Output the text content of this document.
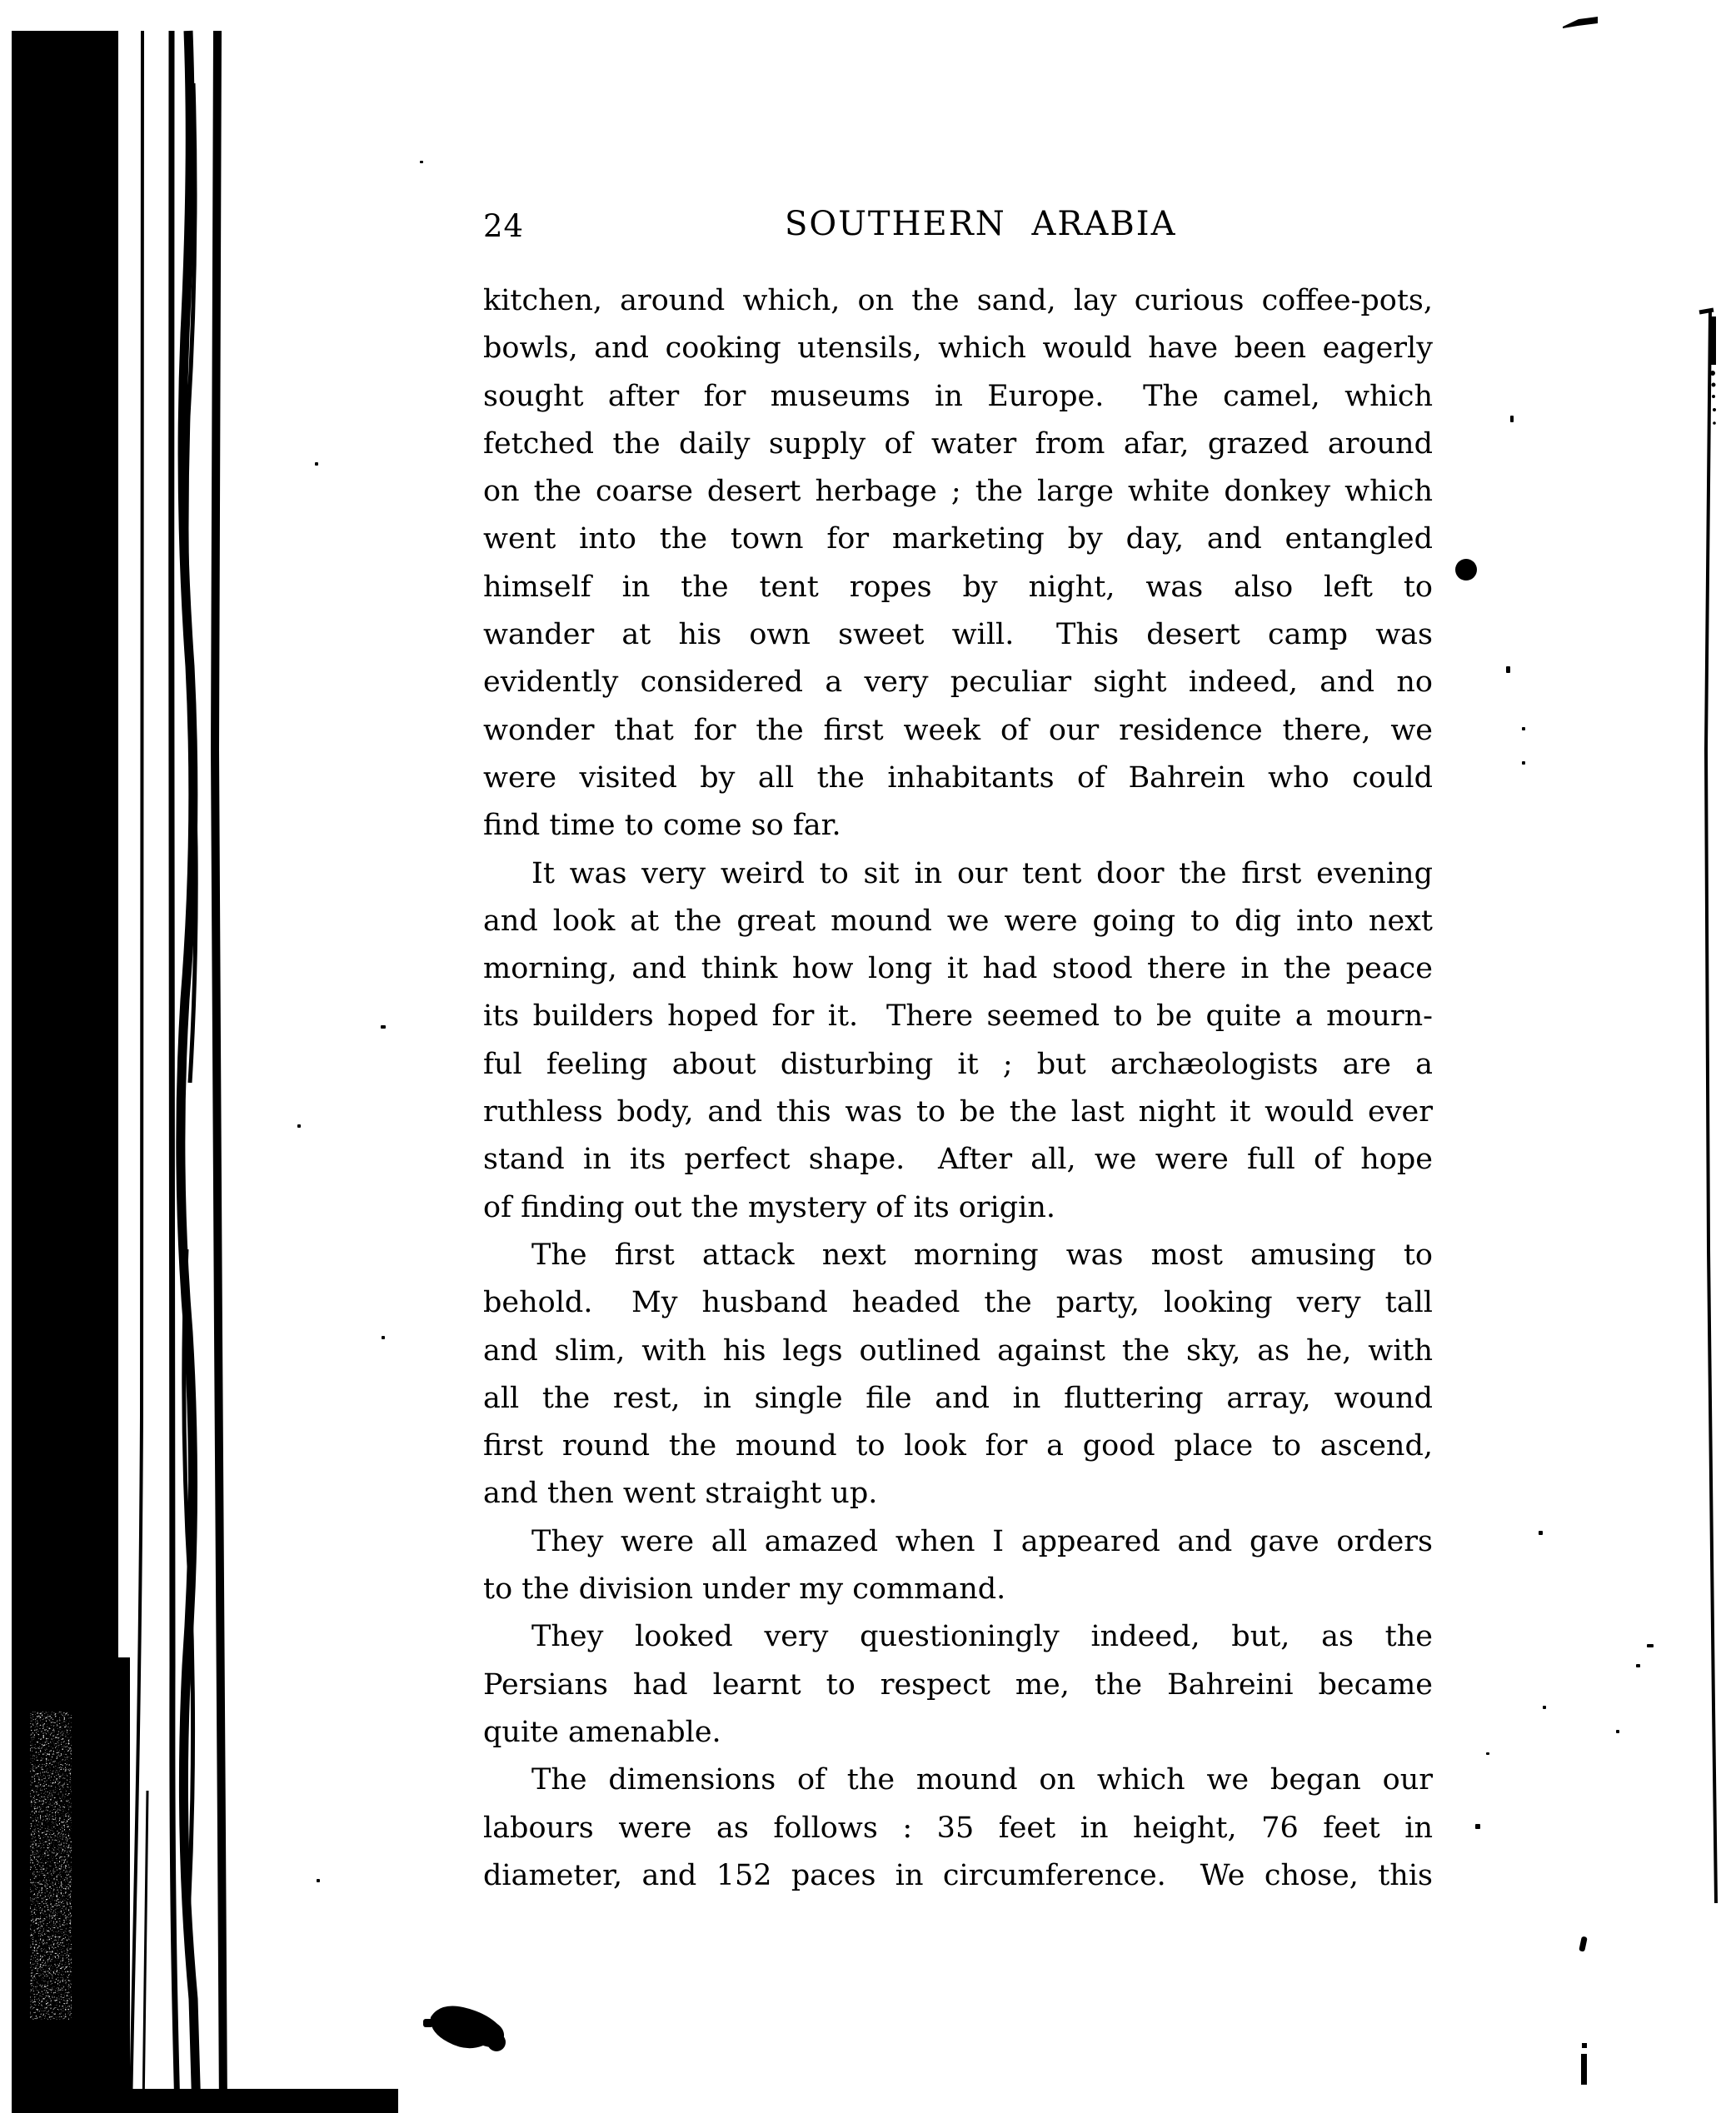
24	SOUTHERN ARABIA
kitchen, around which, on the sand, lay curious coffee-pots,
bowls, and cooking utensils, which would have been eagerly
sought after for museums in Europe.  The camel, which
fetched the daily supply of water from afar, grazed around
on the coarse desert herbage ; the large white donkey which
went into the town for marketing by day, and entangled
himself in the tent ropes by night, was also left to
wander at his own sweet will.  This desert camp was
evidently considered a very peculiar sight indeed, and no
wonder that for the first week of our residence there, we
were visited by all the inhabitants of Bahrein who could
find time to come so far.
It was very weird to sit in our tent door the first evening
and look at the great mound we were going to dig into next
morning, and think how long it had stood there in the peace
its builders hoped for it.  There seemed to be quite a mourn-
ful feeling about disturbing it ; but archæologists are a
ruthless body, and this was to be the last night it would ever
stand in its perfect shape.  After all, we were full of hope
of finding out the mystery of its origin.
The first attack next morning was most amusing to
behold.  My husband headed the party, looking very tall
and slim, with his legs outlined against the sky, as he, with
all the rest, in single file and in fluttering array, wound
first round the mound to look for a good place to ascend,
and then went straight up.
They were all amazed when I appeared and gave orders
to the division under my command.
They looked very questioningly indeed, but, as the
Persians had learnt to respect me, the Bahreini became
quite amenable.
The dimensions of the mound on which we began our
labours were as follows : 35 feet in height, 76 feet in
diameter, and 152 paces in circumference.  We chose, this
